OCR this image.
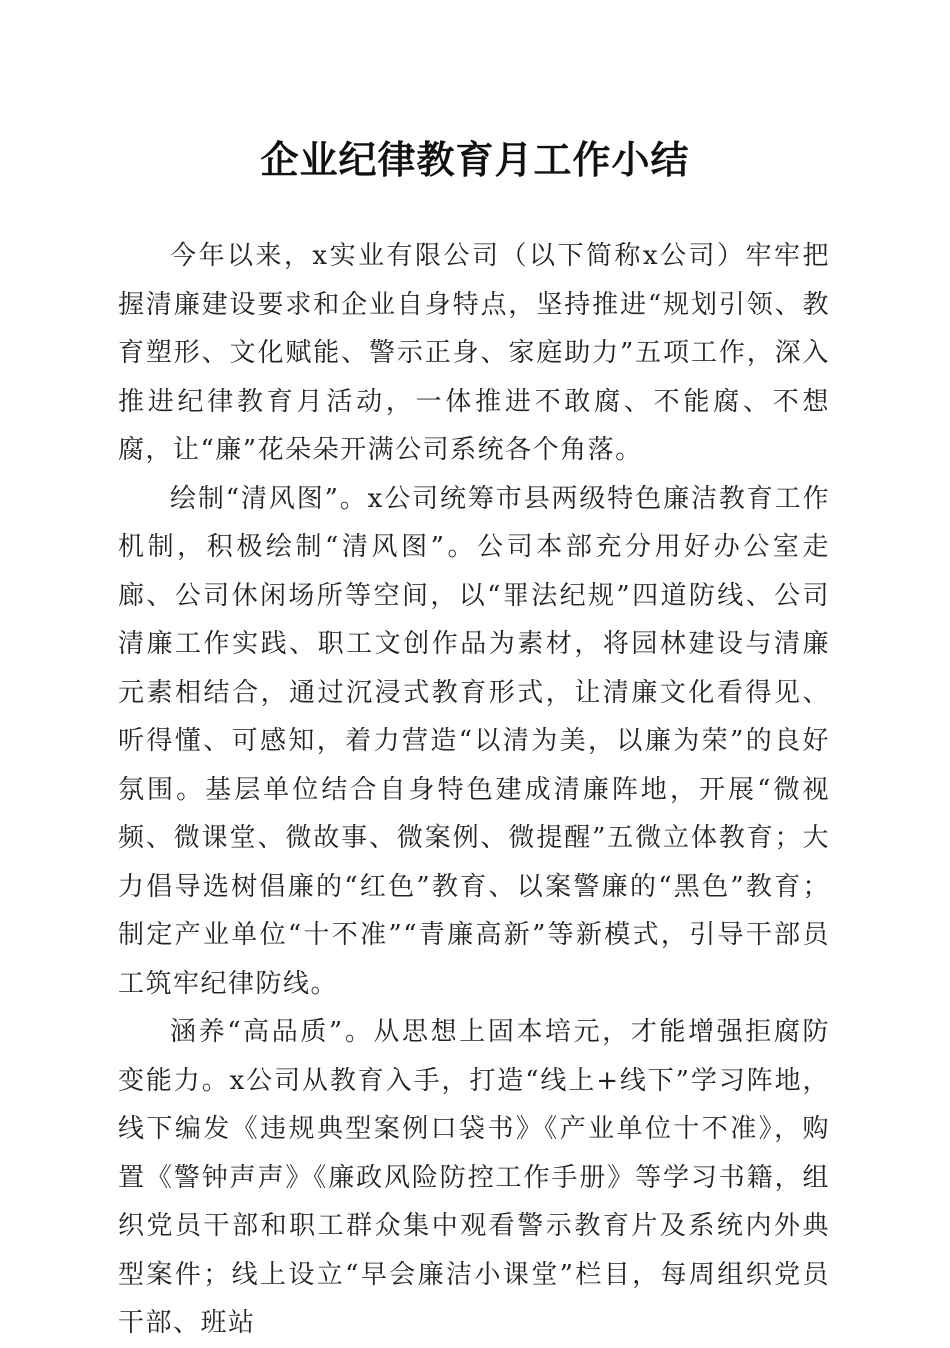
企业纪律教育月工作小结

今年以来，x实业有限公司（以下简称x公司）牢牢把握清廉建设要求和企业自身特点，坚持推进“规划引领、教育塑形、文化赋能、警示正身、家庭助力”五项工作，深入推进纪律教育月活动，一体推进不敢腐、不能腐、不想腐，让“廉”花朵朵开满公司系统各个角落。

绘制“清风图”。x公司统筹市县两级特色廉洁教育工作机制，积极绘制“清风图”。公司本部充分用好办公室走廊、公司休闲场所等空间，以“罪法纪规”四道防线、公司清廉工作实践、职工文创作品为素材，将园林建设与清廉元素相结合，通过沉浸式教育形式，让清廉文化看得见、听得懂、可感知，着力营造“以清为美，以廉为荣”的良好氛围。基层单位结合自身特色建成清廉阵地，开展“微视频、微课堂、微故事、微案例、微提醒”五微立体教育；大力倡导选树倡廉的“红色”教育、以案警廉的“黑色”教育；制定产业单位“十不准”“青廉高新”等新模式，引导干部员工筑牢纪律防线。

涵养“高品质”。从思想上固本培元，才能增强拒腐防变能力。x公司从教育入手，打造“线上+线下”学习阵地，线下编发《违规典型案例口袋书》《产业单位十不准》，购置《警钟声声》《廉政风险防控工作手册》等学习书籍，组织党员干部和职工群众集中观看警示教育片及系统内外典型案件；线上设立“早会廉洁小课堂”栏目，每周组织党员干部、班站
